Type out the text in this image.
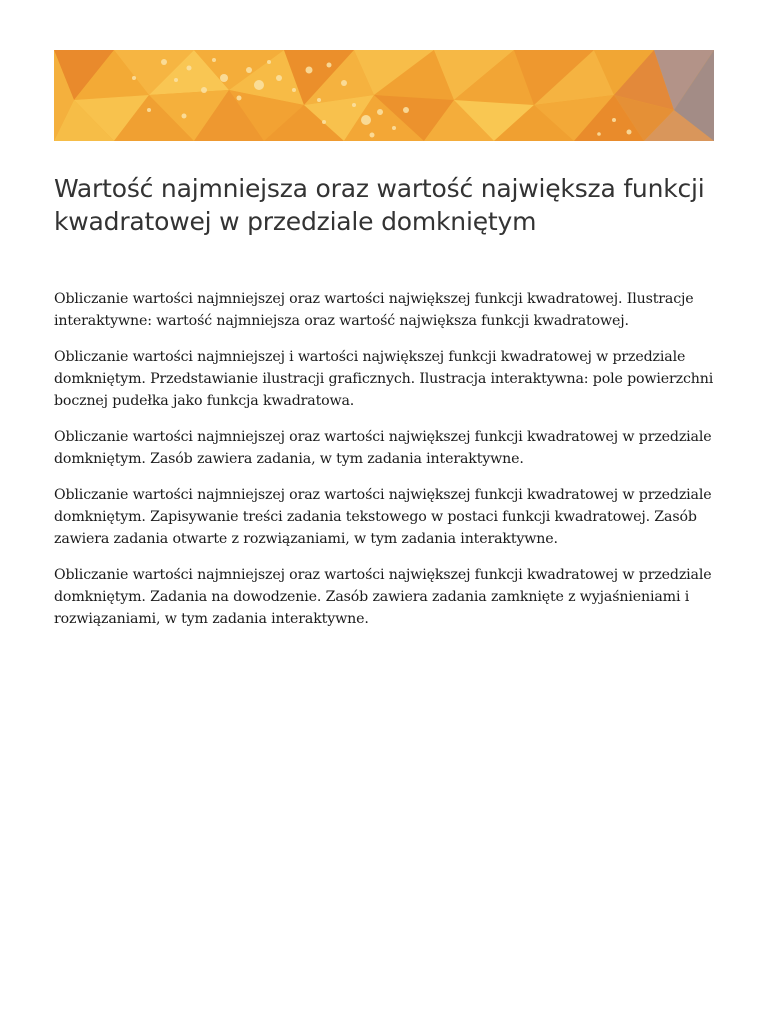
Wartość najmniejsza oraz wartość największa funkcji kwadratowej w przedziale domkniętym

Obliczanie wartości najmniejszej oraz wartości największej funkcji kwadratowej. Ilustracje interaktywne: wartość najmniejsza oraz wartość największa funkcji kwadratowej.

Obliczanie wartości najmniejszej i wartości największej funkcji kwadratowej w przedziale domkniętym. Przedstawianie ilustracji graficznych. Ilustracja interaktywna: pole powierzchni bocznej pudełka jako funkcja kwadratowa.

Obliczanie wartości najmniejszej oraz wartości największej funkcji kwadratowej w przedziale domkniętym. Zasób zawiera zadania, w tym zadania interaktywne.

Obliczanie wartości najmniejszej oraz wartości największej funkcji kwadratowej w przedziale domkniętym. Zapisywanie treści zadania tekstowego w postaci funkcji kwadratowej. Zasób zawiera zadania otwarte z rozwiązaniami, w tym zadania interaktywne.

Obliczanie wartości najmniejszej oraz wartości największej funkcji kwadratowej w przedziale domkniętym. Zadania na dowodzenie. Zasób zawiera zadania zamknięte z wyjaśnieniami i rozwiązaniami, w tym zadania interaktywne.
